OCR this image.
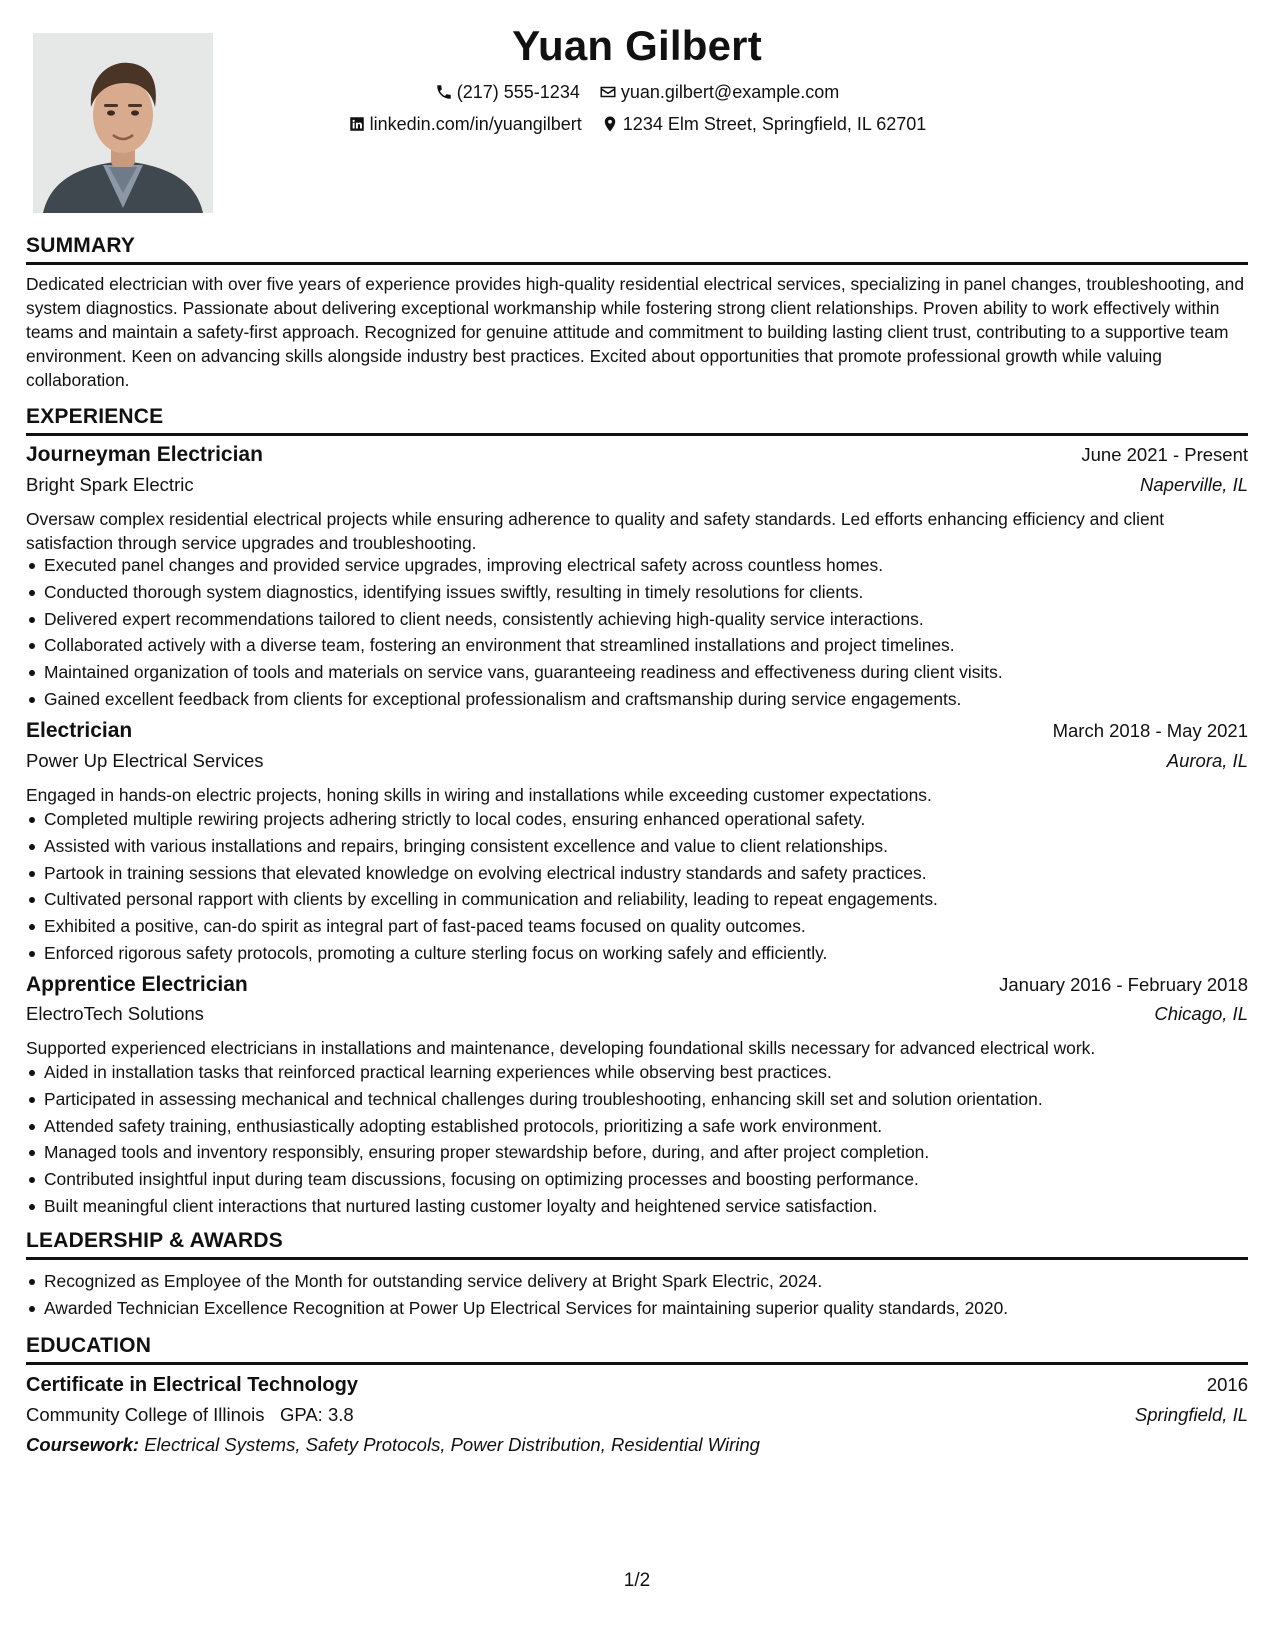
Yuan Gilbert
(217) 555-1234
yuan.gilbert@example.com
linkedin.com/in/yuangilbert
1234 Elm Street, Springfield, IL 62701
SUMMARY
Dedicated electrician with over five years of experience provides high-quality residential electrical services, specializing in panel changes, troubleshooting, and system diagnostics. Passionate about delivering exceptional workmanship while fostering strong client relationships. Proven ability to work effectively within teams and maintain a safety-first approach. Recognized for genuine attitude and commitment to building lasting client trust, contributing to a supportive team environment. Keen on advancing skills alongside industry best practices. Excited about opportunities that promote professional growth while valuing collaboration.
EXPERIENCE
Journeyman Electrician	June 2021 - Present
Bright Spark Electric	Naperville, IL
Oversaw complex residential electrical projects while ensuring adherence to quality and safety standards. Led efforts enhancing efficiency and client satisfaction through service upgrades and troubleshooting.
Executed panel changes and provided service upgrades, improving electrical safety across countless homes.
Conducted thorough system diagnostics, identifying issues swiftly, resulting in timely resolutions for clients.
Delivered expert recommendations tailored to client needs, consistently achieving high-quality service interactions.
Collaborated actively with a diverse team, fostering an environment that streamlined installations and project timelines.
Maintained organization of tools and materials on service vans, guaranteeing readiness and effectiveness during client visits.
Gained excellent feedback from clients for exceptional professionalism and craftsmanship during service engagements.
Electrician	March 2018 - May 2021
Power Up Electrical Services	Aurora, IL
Engaged in hands-on electric projects, honing skills in wiring and installations while exceeding customer expectations.
Completed multiple rewiring projects adhering strictly to local codes, ensuring enhanced operational safety.
Assisted with various installations and repairs, bringing consistent excellence and value to client relationships.
Partook in training sessions that elevated knowledge on evolving electrical industry standards and safety practices.
Cultivated personal rapport with clients by excelling in communication and reliability, leading to repeat engagements.
Exhibited a positive, can-do spirit as integral part of fast-paced teams focused on quality outcomes.
Enforced rigorous safety protocols, promoting a culture sterling focus on working safely and efficiently.
Apprentice Electrician	January 2016 - February 2018
ElectroTech Solutions	Chicago, IL
Supported experienced electricians in installations and maintenance, developing foundational skills necessary for advanced electrical work.
Aided in installation tasks that reinforced practical learning experiences while observing best practices.
Participated in assessing mechanical and technical challenges during troubleshooting, enhancing skill set and solution orientation.
Attended safety training, enthusiastically adopting established protocols, prioritizing a safe work environment.
Managed tools and inventory responsibly, ensuring proper stewardship before, during, and after project completion.
Contributed insightful input during team discussions, focusing on optimizing processes and boosting performance.
Built meaningful client interactions that nurtured lasting customer loyalty and heightened service satisfaction.
LEADERSHIP & AWARDS
Recognized as Employee of the Month for outstanding service delivery at Bright Spark Electric, 2024.
Awarded Technician Excellence Recognition at Power Up Electrical Services for maintaining superior quality standards, 2020.
EDUCATION
Certificate in Electrical Technology	2016
Community College of Illinois GPA: 3.8	Springfield, IL
Coursework: Electrical Systems, Safety Protocols, Power Distribution, Residential Wiring
1/2
